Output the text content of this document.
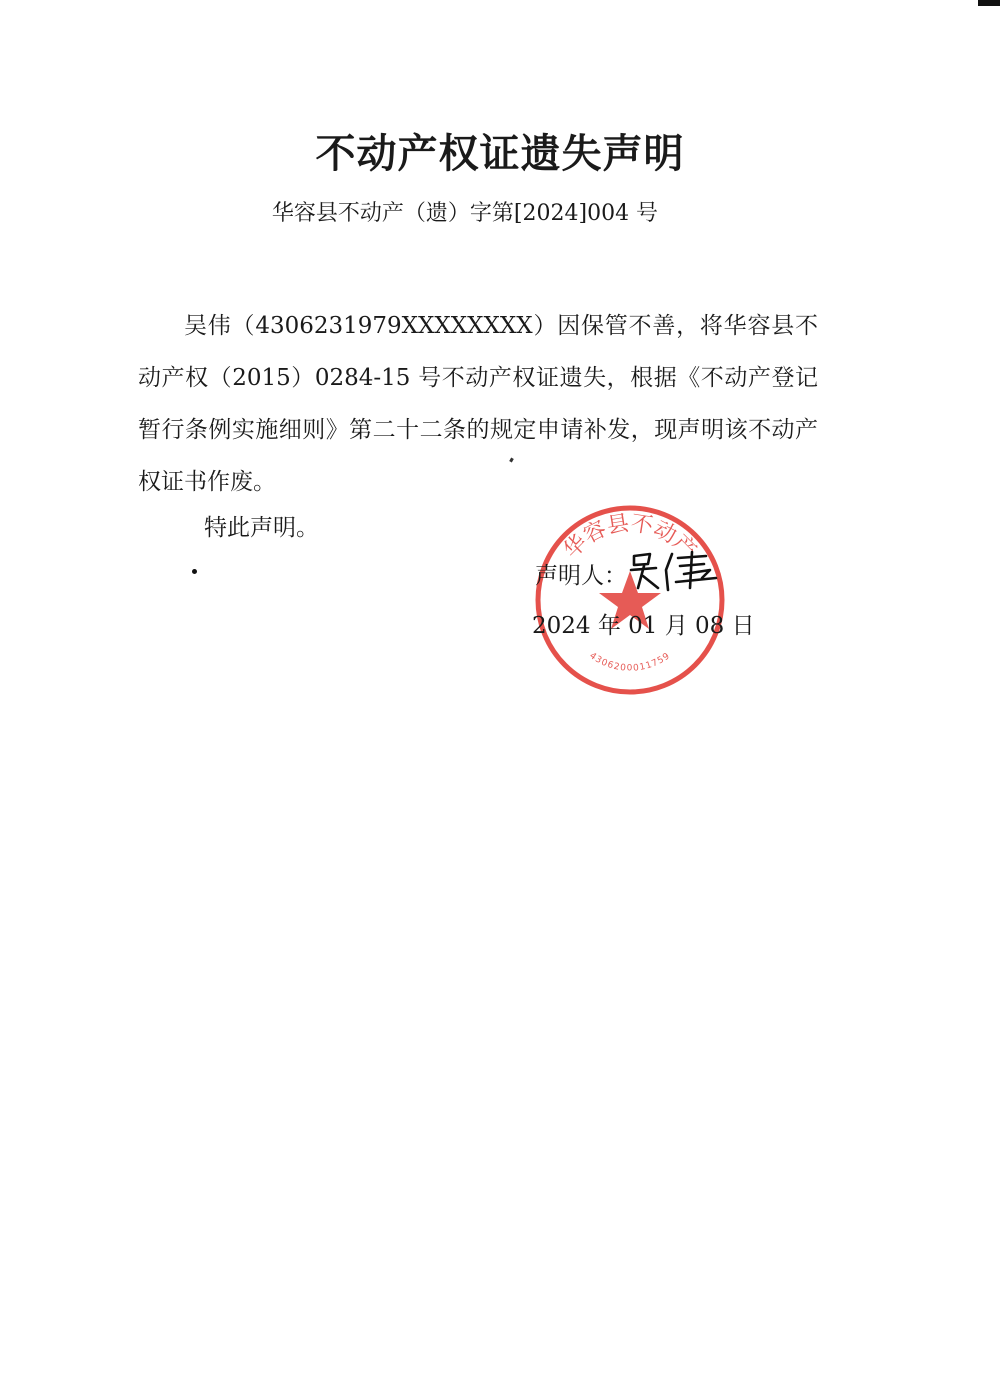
不动产权证遗失声明
华容县不动产（遗）字第[2024]004 号

吴伟（4306231979XXXXXXXX）因保管不善，将华容县不动产权（2015）0284-15 号不动产权证遗失，根据《不动产登记暂行条例实施细则》第二十二条的规定申请补发，现声明该不动产权证书作废。

特此声明。
华容县不动产
4306200011759
声明人：
2024 年 01 月 08 日
